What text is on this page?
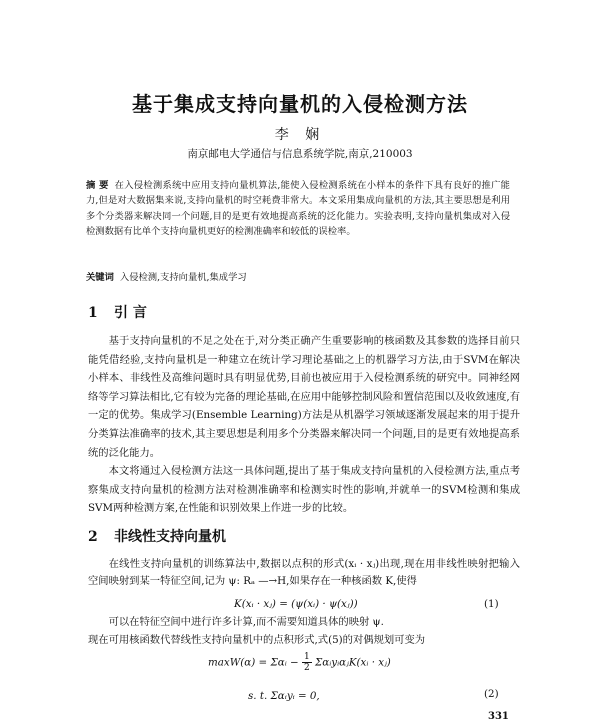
基于集成支持向量机的入侵检测方法
李 娴
南京邮电大学通信与信息系统学院,南京,210003
摘 要 在入侵检测系统中应用支持向量机算法,能使入侵检测系统在小样本的条件下具有良好的推广能力,但是对大数据集来说,支持向量机的时空耗费非常大。本文采用集成向量机的方法,其主要思想是利用多个分类器来解决同一个问题,目的是更有效地提高系统的泛化能力。实验表明,支持向量机集成对入侵检测数据有比单个支持向量机更好的检测准确率和较低的误检率。
关键词 入侵检测,支持向量机,集成学习
1 引 言

基于支持向量机的不足之处在于,对分类正确产生重要影响的核函数及其参数的选择目前只能凭借经验,支持向量机是一种建立在统计学习理论基础之上的机器学习方法,由于SVM在解决小样本、非线性及高维问题时具有明显优势,目前也被应用于入侵检测系统的研究中。同神经网络等学习算法相比,它有较为完备的理论基础,在应用中能够控制风险和置信范围以及收敛速度,有一定的优势。集成学习(Ensemble Learning)方法是从机器学习领域逐渐发展起来的用于提升分类算法准确率的技术,其主要思想是利用多个分类器来解决同一个问题,目的是更有效地提高系统的泛化能力。

本文将通过入侵检测方法这一具体问题,提出了基于集成支持向量机的入侵检测方法,重点考察集成支持向量机的检测方法对检测准确率和检测实时性的影响,并就单一的SVM检测和集成SVM两种检测方案,在性能和识别效果上作进一步的比较。

2 非线性支持向量机

在线性支持向量机的训练算法中,数据以点积的形式(xᵢ · xⱼ)出现,现在用非线性映射把输入空间映射到某一特征空间,记为 ψ: Rₐ —→H,如果存在一种核函数 K,使得

K(xᵢ · xⱼ) = (ψ(xᵢ) · ψ(xⱼ))	(1)
可以在特征空间中进行许多计算,而不需要知道具体的映射 ψ.
现在可用核函数代替线性支持向量机中的点积形式,式(5)的对偶规划可变为
maxW(α) = Σαᵢ − $\frac{1}{2}$ ΣαᵢyᵢαⱼK(xᵢ · xⱼ)
s. t. Σαᵢyᵢ = 0,	(2)
331
